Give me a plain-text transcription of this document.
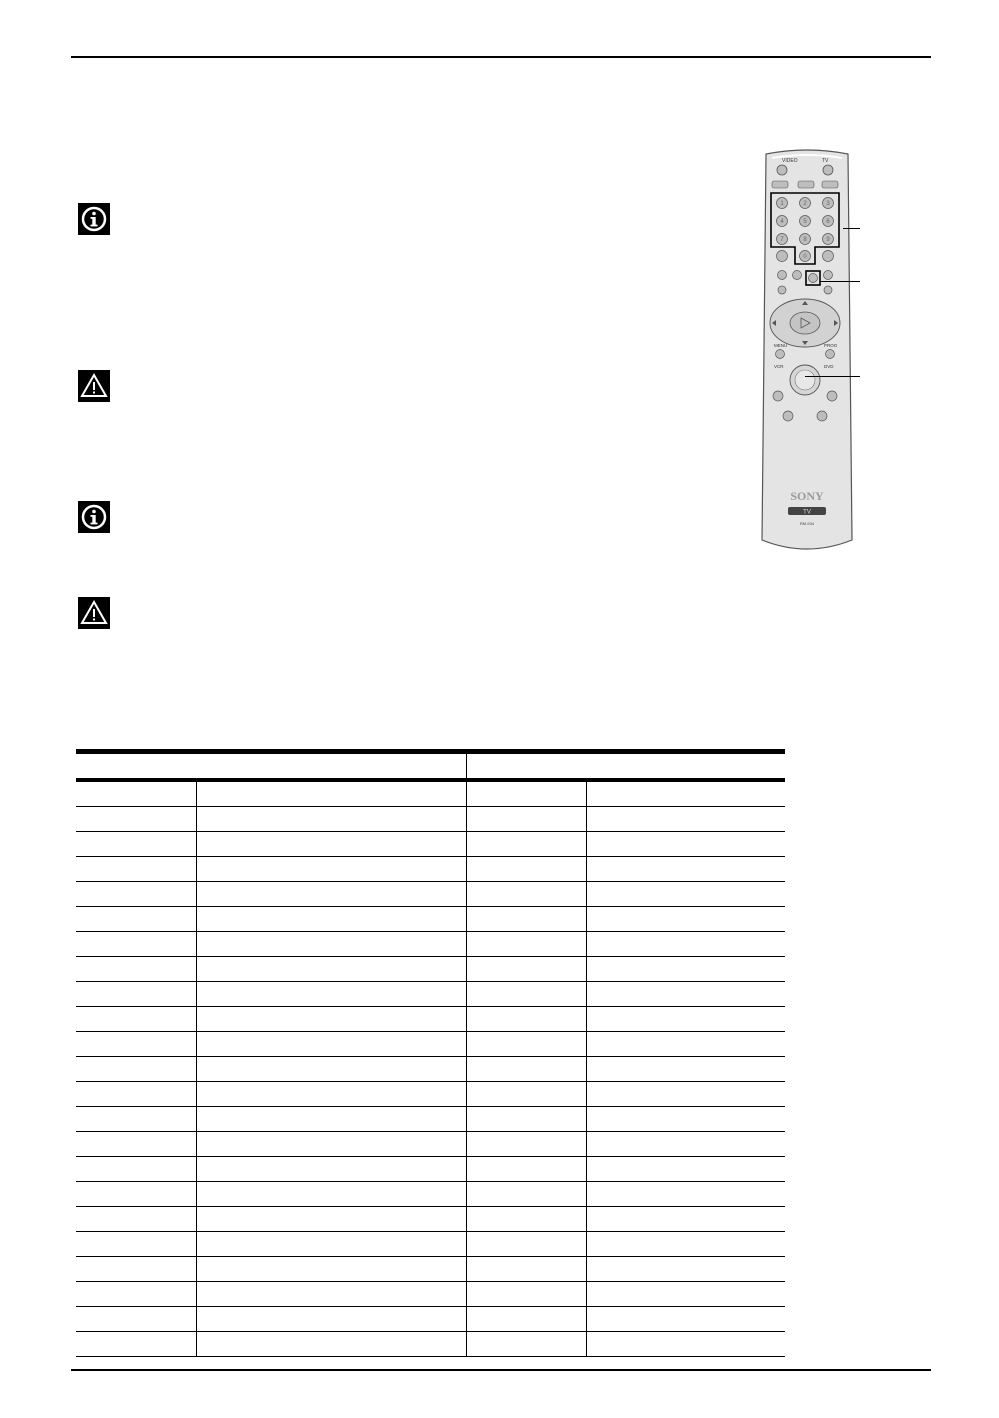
VIDEO	TV
1	2	3
4	5	6
7	8	9
0
MENU	PROG
VCR	DVD
SONY
TV
RM-934
